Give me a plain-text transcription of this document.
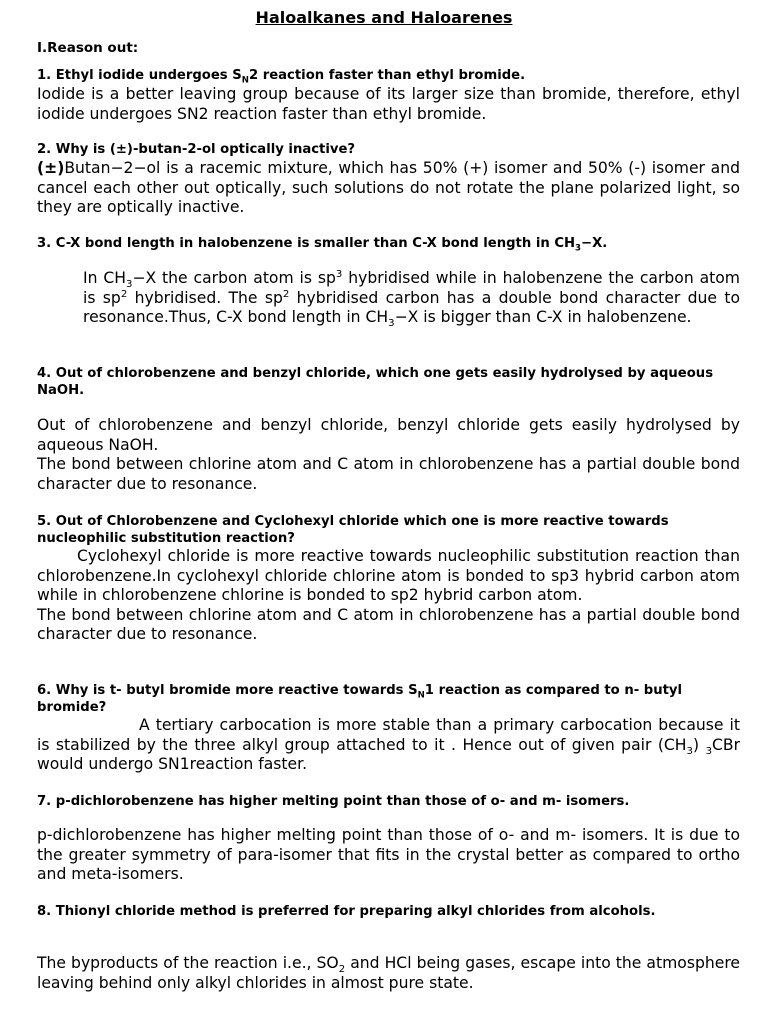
Haloalkanes and Haloarenes
I.Reason out:
1. Ethyl iodide undergoes $S_N2$ reaction faster than ethyl bromide.
Iodide is a better leaving group because of its larger size than bromide, therefore, ethyl iodide undergoes SN2 reaction faster than ethyl bromide.
2. Why is (±)-butan-2-ol optically inactive?
(±)Butan−2−ol is a racemic mixture, which has 50% (+) isomer and 50% (-) isomer and cancel each other out optically, such solutions do not rotate the plane polarized light, so they are optically inactive.
3. C-X bond length in halobenzene is smaller than C-X bond length in $CH_3-X$.
In $CH_3-X$ the carbon atom is $sp^3$ hybridised while in halobenzene the carbon atom is $sp^2$ hybridised. The $sp^2$ hybridised carbon has a double bond character due to resonance.Thus, C-X bond length in $CH_3-X$ is bigger than C-X in halobenzene.
4. Out of chlorobenzene and benzyl chloride, which one gets easily hydrolysed by aqueous NaOH.

Out of chlorobenzene and benzyl chloride, benzyl chloride gets easily hydrolysed by aqueous NaOH.

The bond between chlorine atom and C atom in chlorobenzene has a partial double bond character due to resonance.

5. Out of Chlorobenzene and Cyclohexyl chloride which one is more reactive towards nucleophilic substitution reaction?

Cyclohexyl chloride is more reactive towards nucleophilic substitution reaction than chlorobenzene.In cyclohexyl chloride chlorine atom is bonded to sp3 hybrid carbon atom while in chlorobenzene chlorine is bonded to sp2 hybrid carbon atom.

The bond between chlorine atom and C atom in chlorobenzene has a partial double bond character due to resonance.

6. Why is t- butyl bromide more reactive towards $S_N1$ reaction as compared to n- butyl bromide?
A tertiary carbocation is more stable than a primary carbocation because it is stabilized by the three alkyl group attached to it . Hence out of given pair $(CH_3)$ $_3$CBr would undergo SN1reaction faster.
7. p-dichlorobenzene has higher melting point than those of o- and m- isomers.
p-dichlorobenzene has higher melting point than those of o- and m- isomers. It is due to the greater symmetry of para-isomer that fits in the crystal better as compared to ortho and meta-isomers.
8. Thionyl chloride method is preferred for preparing alkyl chlorides from alcohols.
The byproducts of the reaction i.e., $SO_2$ and HCl being gases, escape into the atmosphere leaving behind only alkyl chlorides in almost pure state.
